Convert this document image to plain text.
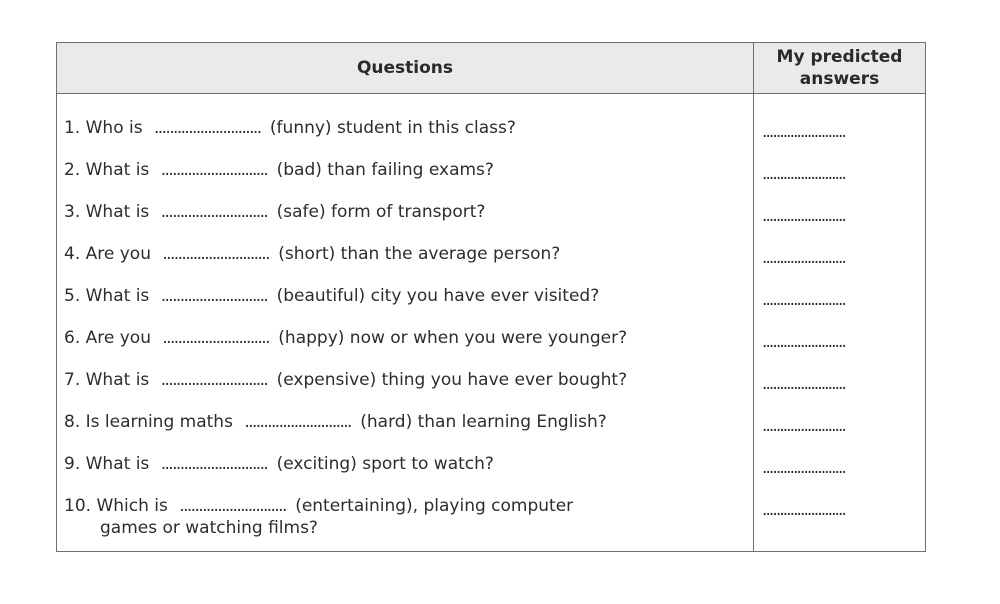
Questions
My predicted
answers
1. Who is ............................ (funny) student in this class?
2. What is ............................ (bad) than failing exams?
3. What is ............................ (safe) form of transport?
4. Are you ............................ (short) than the average person?
5. What is ............................ (beautiful) city you have ever visited?
6. Are you ............................ (happy) now or when you were younger?
7. What is ............................ (expensive) thing you have ever bought?
8. Is learning maths ............................ (hard) than learning English?
9. What is ............................ (exciting) sport to watch?
10. Which is ............................ (entertaining), playing computer
games or watching films?
........................
........................
........................
........................
........................
........................
........................
........................
........................
........................
